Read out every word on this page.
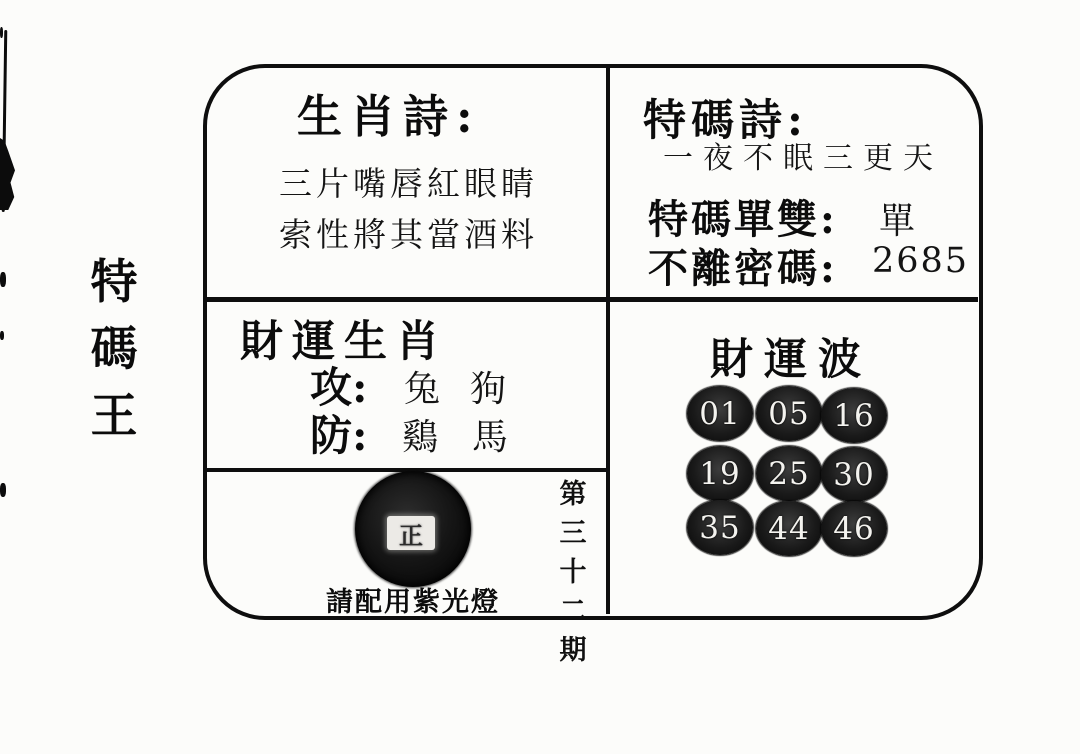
特
碼
王
生肖詩:
三片嘴唇紅眼睛
索性將其當酒料
特碼詩:
一夜不眠三更天
特碼單雙: 單
不離密碼: 2685
財運生肖
攻: 兔 狗
防: 鷄 馬
正
請配用紫光燈
第
三
十
二
期
財運波
01 05 16
19 25 30
35 44 46
